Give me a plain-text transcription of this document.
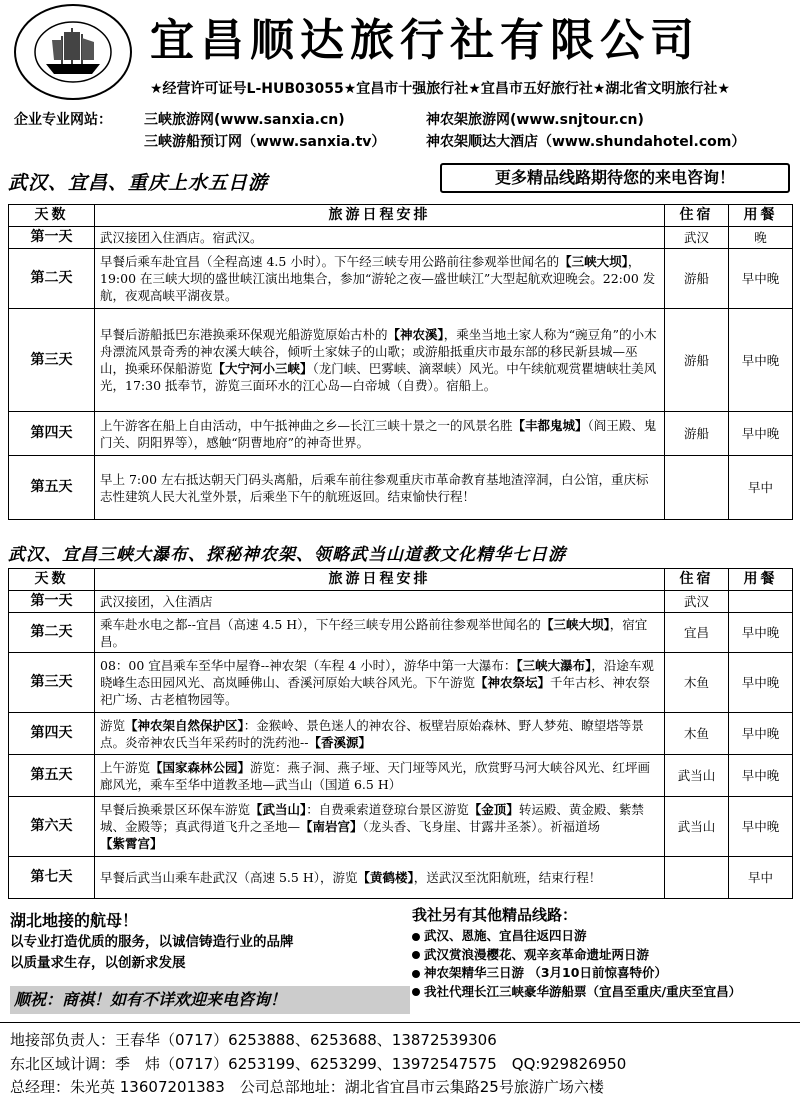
宜昌顺达旅行社有限公司
★经营许可证号L-HUB03055★宜昌市十强旅行社★宜昌市五好旅行社★湖北省文明旅行社★
企业专业网站： 三峡旅游网(www.sanxia.cn)	神农架旅游网(www.snjtour.cn)
三峡游船预订网（www.sanxia.tv）	神农架顺达大酒店（www.shundahotel.com）
武汉、宜昌、重庆上水五日游	更多精品线路期待您的来电咨询！
天数	旅游日程安排	住宿	用餐
第一天	武汉接团入住酒店。宿武汉。	武汉	晚
第二天	早餐后乘车赴宜昌（全程高速 4.5 小时）。下午经三峡专用公路前往参观举世闻名的【三峡大坝】，19:00 在三峡大坝的盛世峡江演出地集合，参加“游轮之夜—盛世峡江”大型起航欢迎晚会。22:00 发航，夜观高峡平湖夜景。	游船	早中晚
第三天	早餐后游船抵巴东港换乘环保观光船游览原始古朴的【神农溪】，乘坐当地土家人称为“豌豆角”的小木舟漂流风景奇秀的神农溪大峡谷，倾听土家妹子的山歌；或游船抵重庆市最东部的移民新县城—巫山，换乘环保船游览【大宁河小三峡】（龙门峡、巴雾峡、滴翠峡）风光。中午续航观赏瞿塘峡壮美风光，17:30 抵奉节，游览三面环水的江心岛—白帝城（自费）。宿船上。	游船	早中晚
第四天	上午游客在船上自由活动，中午抵神曲之乡—长江三峡十景之一的风景名胜【丰都鬼城】（阎王殿、鬼门关、阴阳界等），感触“阴曹地府”的神奇世界。	游船	早中晚
第五天	早上 7:00 左右抵达朝天门码头离船，后乘车前往参观重庆市革命教育基地渣滓洞，白公馆，重庆标志性建筑人民大礼堂外景，后乘坐下午的航班返回。结束愉快行程！		早中
武汉、宜昌三峡大瀑布、探秘神农架、领略武当山道教文化精华七日游
天数	旅游日程安排	住宿	用餐
第一天	武汉接团，入住酒店	武汉	
第二天	乘车赴水电之都--宜昌（高速 4.5 H），下午经三峡专用公路前往参观举世闻名的【三峡大坝】，宿宜昌。	宜昌	早中晚
第三天	08：00 宜昌乘车至华中屋脊--神农架（车程 4 小时），游华中第一大瀑布：【三峡大瀑布】，沿途车观晓峰生态田园风光、高岚睡佛山、香溪河原始大峡谷风光。下午游览【神农祭坛】千年古杉、神农祭祀广场、古老植物园等。	木鱼	早中晚
第四天	游览【神农架自然保护区】：金猴岭、景色迷人的神农谷、板壁岩原始森林、野人梦苑、瞭望塔等景点。炎帝神农氏当年采药时的洗药池--【香溪源】	木鱼	早中晚
第五天	上午游览【国家森林公园】游览：燕子洞、燕子垭、天门垭等风光，欣赏野马河大峡谷风光、红坪画廊风光，乘车至华中道教圣地—武当山（国道 6.5 H）	武当山	早中晚
第六天	早餐后换乘景区环保车游览【武当山】：自费乘索道登琼台景区游览【金顶】转运殿、黄金殿、紫禁城、金殿等；真武得道飞升之圣地—【南岩宫】（龙头香、飞身崖、甘露井圣茶）。祈福道场【紫霄宫】	武当山	早中晚
第七天	早餐后武当山乘车赴武汉（高速 5.5 H），游览【黄鹤楼】，送武汉至沈阳航班，结束行程！		早中
湖北地接的航母！
以专业打造优质的服务，以诚信铸造行业的品牌
以质量求生存，以创新求发展
顺祝：商祺！如有不详欢迎来电咨询！
我社另有其他精品线路：
武汉、恩施、宜昌往返四日游
武汉赏浪漫樱花、观辛亥革命遗址两日游
神农架精华三日游 （3月10日前惊喜特价）
我社代理长江三峡豪华游船票（宜昌至重庆/重庆至宜昌）
地接部负责人：王春华（0717）6253888、6253688、13872539306
东北区域计调：季　炜（0717）6253199、6253299、13972547575　QQ:929826950
总经理：朱光英 13607201383　公司总部地址：湖北省宜昌市云集路25号旅游广场六楼
